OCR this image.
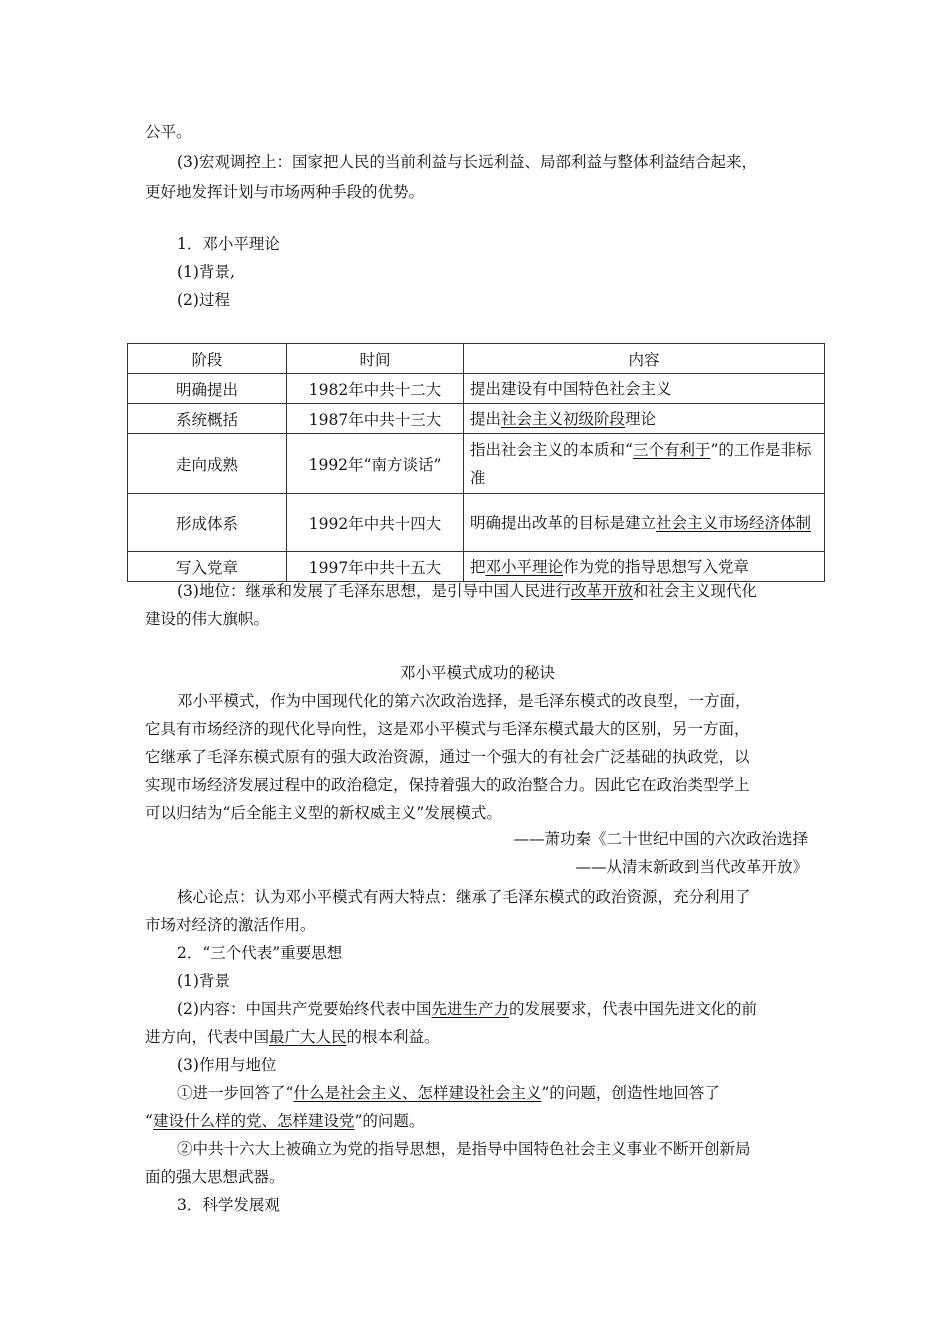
公平。

(3)宏观调控上：国家把人民的当前利益与长远利益、局部利益与整体利益结合起来，

更好地发挥计划与市场两种手段的优势。

1．邓小平理论

(1)背景,

(2)过程

阶段	时间	内容
明确提出	1982年中共十二大	提出建设有中国特色社会主义
系统概括	1987年中共十三大	提出社会主义初级阶段理论
走向成熟	1992年“南方谈话”	指出社会主义的本质和“三个有利于”的工作是非标准
形成体系	1992年中共十四大	明确提出改革的目标是建立社会主义市场经济体制
写入党章	1997年中共十五大	把邓小平理论作为党的指导思想写入党章

(3)地位：继承和发展了毛泽东思想，是引导中国人民进行改革开放和社会主义现代化

建设的伟大旗帜。

邓小平模式成功的秘诀

邓小平模式，作为中国现代化的第六次政治选择，是毛泽东模式的改良型，一方面，

它具有市场经济的现代化导向性，这是邓小平模式与毛泽东模式最大的区别，另一方面，

它继承了毛泽东模式原有的强大政治资源，通过一个强大的有社会广泛基础的执政党，以

实现市场经济发展过程中的政治稳定，保持着强大的政治整合力。因此它在政治类型学上

可以归结为“后全能主义型的新权威主义”发展模式。

——萧功秦《二十世纪中国的六次政治选择
——从清末新政到当代改革开放》

核心论点：认为邓小平模式有两大特点：继承了毛泽东模式的政治资源，充分利用了

市场对经济的激活作用。

2．“三个代表”重要思想

(1)背景

(2)内容：中国共产党要始终代表中国先进生产力的发展要求，代表中国先进文化的前

进方向，代表中国最广大人民的根本利益。

(3)作用与地位

①进一步回答了“什么是社会主义、怎样建设社会主义”的问题，创造性地回答了

“建设什么样的党、怎样建设党”的问题。

②中共十六大上被确立为党的指导思想，是指导中国特色社会主义事业不断开创新局

面的强大思想武器。

3．科学发展观
